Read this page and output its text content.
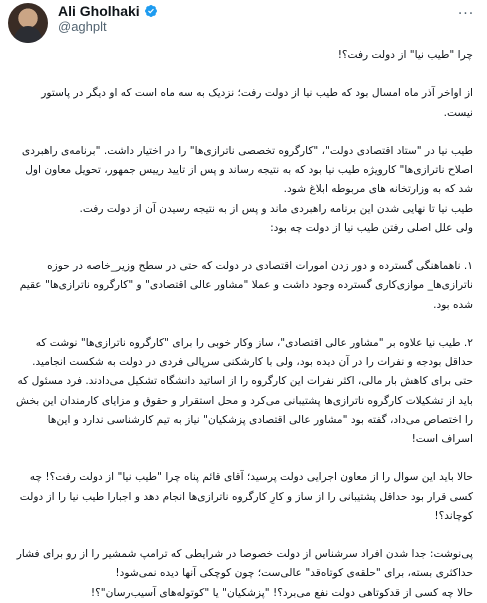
Ali Gholhaki
@aghplt
···

چرا "طیب نیا" از دولت رفت؟!

از اواخر آذر ماه امسال بود که طیب نیا از دولت رفت؛ نزدیک به سه ماه است که او دیگر در پاستور نیست.

طیب نیا در "ستاد اقتصادی دولت"، "کارگروه تخصصی ناترازی‌ها" را در اختیار داشت. "برنامه‌ی راهبردی اصلاح ناترازی‌ها" کارویژه طیب نیا بود که به نتیجه رساند و پس از تایید رییس جمهور، تحویل معاون اول شد که به وزارتخانه های مربوطه ابلاغ شود.

طیب نیا تا نهایی شدن این برنامه راهبردی ماند و پس از به نتیجه رسیدن آن از دولت رفت.

ولی علل اصلی رفتن طیب نیا از دولت چه بود:

۱. ناهماهنگی گسترده و دور زدن امورات اقتصادی در دولت که حتی در سطح وزیر_خاصه در حوزه ناترازی‌ها_ موازی‌کاری گسترده وجود داشت و عملا "مشاور عالی اقتصادی" و "کارگروه ناترازی‌ها" عقیم شده بود.

۲. طیب نیا علاوه بر "مشاور عالی اقتصادی"، ساز وکار خوبی را برای "کارگروه ناترازی‌ها" نوشت که حداقل بودجه و نفرات را در آن دیده بود، ولی با کارشکنی سرپالی فردی در دولت به شکست انجامید. حتی برای کاهش بار مالی، اکثر نفرات این کارگروه را از اساتید دانشگاه تشکیل می‌دادند. فرد مسئول که باید از تشکیلات کارگروه ناترازی‌ها پشتیبانی می‌کرد و محل استقرار و حقوق و مزایای کارمندان این بخش را اختصاص می‌داد، گفته بود "مشاور عالی اقتصادی پزشکیان" نیاز به تیم کارشناسی ندارد و این‌ها اسراف است!

حالا باید این سوال را از معاون اجرایی دولت پرسید؛ آقای قائم پناه چرا "طیب نیا" از دولت رفت؟! چه کسی قرار بود حداقل پشتیبانی را از ساز و کارِ کارگروه ناترازی‌ها انجام دهد و اجبارا طیب نیا را از دولت کوچاند؟!

پی‌نوشت: جدا شدن افراد سرشناس از دولت خصوصا در شرایطی که ترامپ شمشیر را از رو برای فشار حداکثری بسته، برای "حلقه‌ی کوتاه‌قد" عالی‌ست؛ چون کوچکی آنها دیده نمی‌شود!

حالا چه کسی از قدکوتاهی دولت نفع می‌برد؟! "پزشکیان" یا "کوتوله‌های آسیب‌رسان"؟!
